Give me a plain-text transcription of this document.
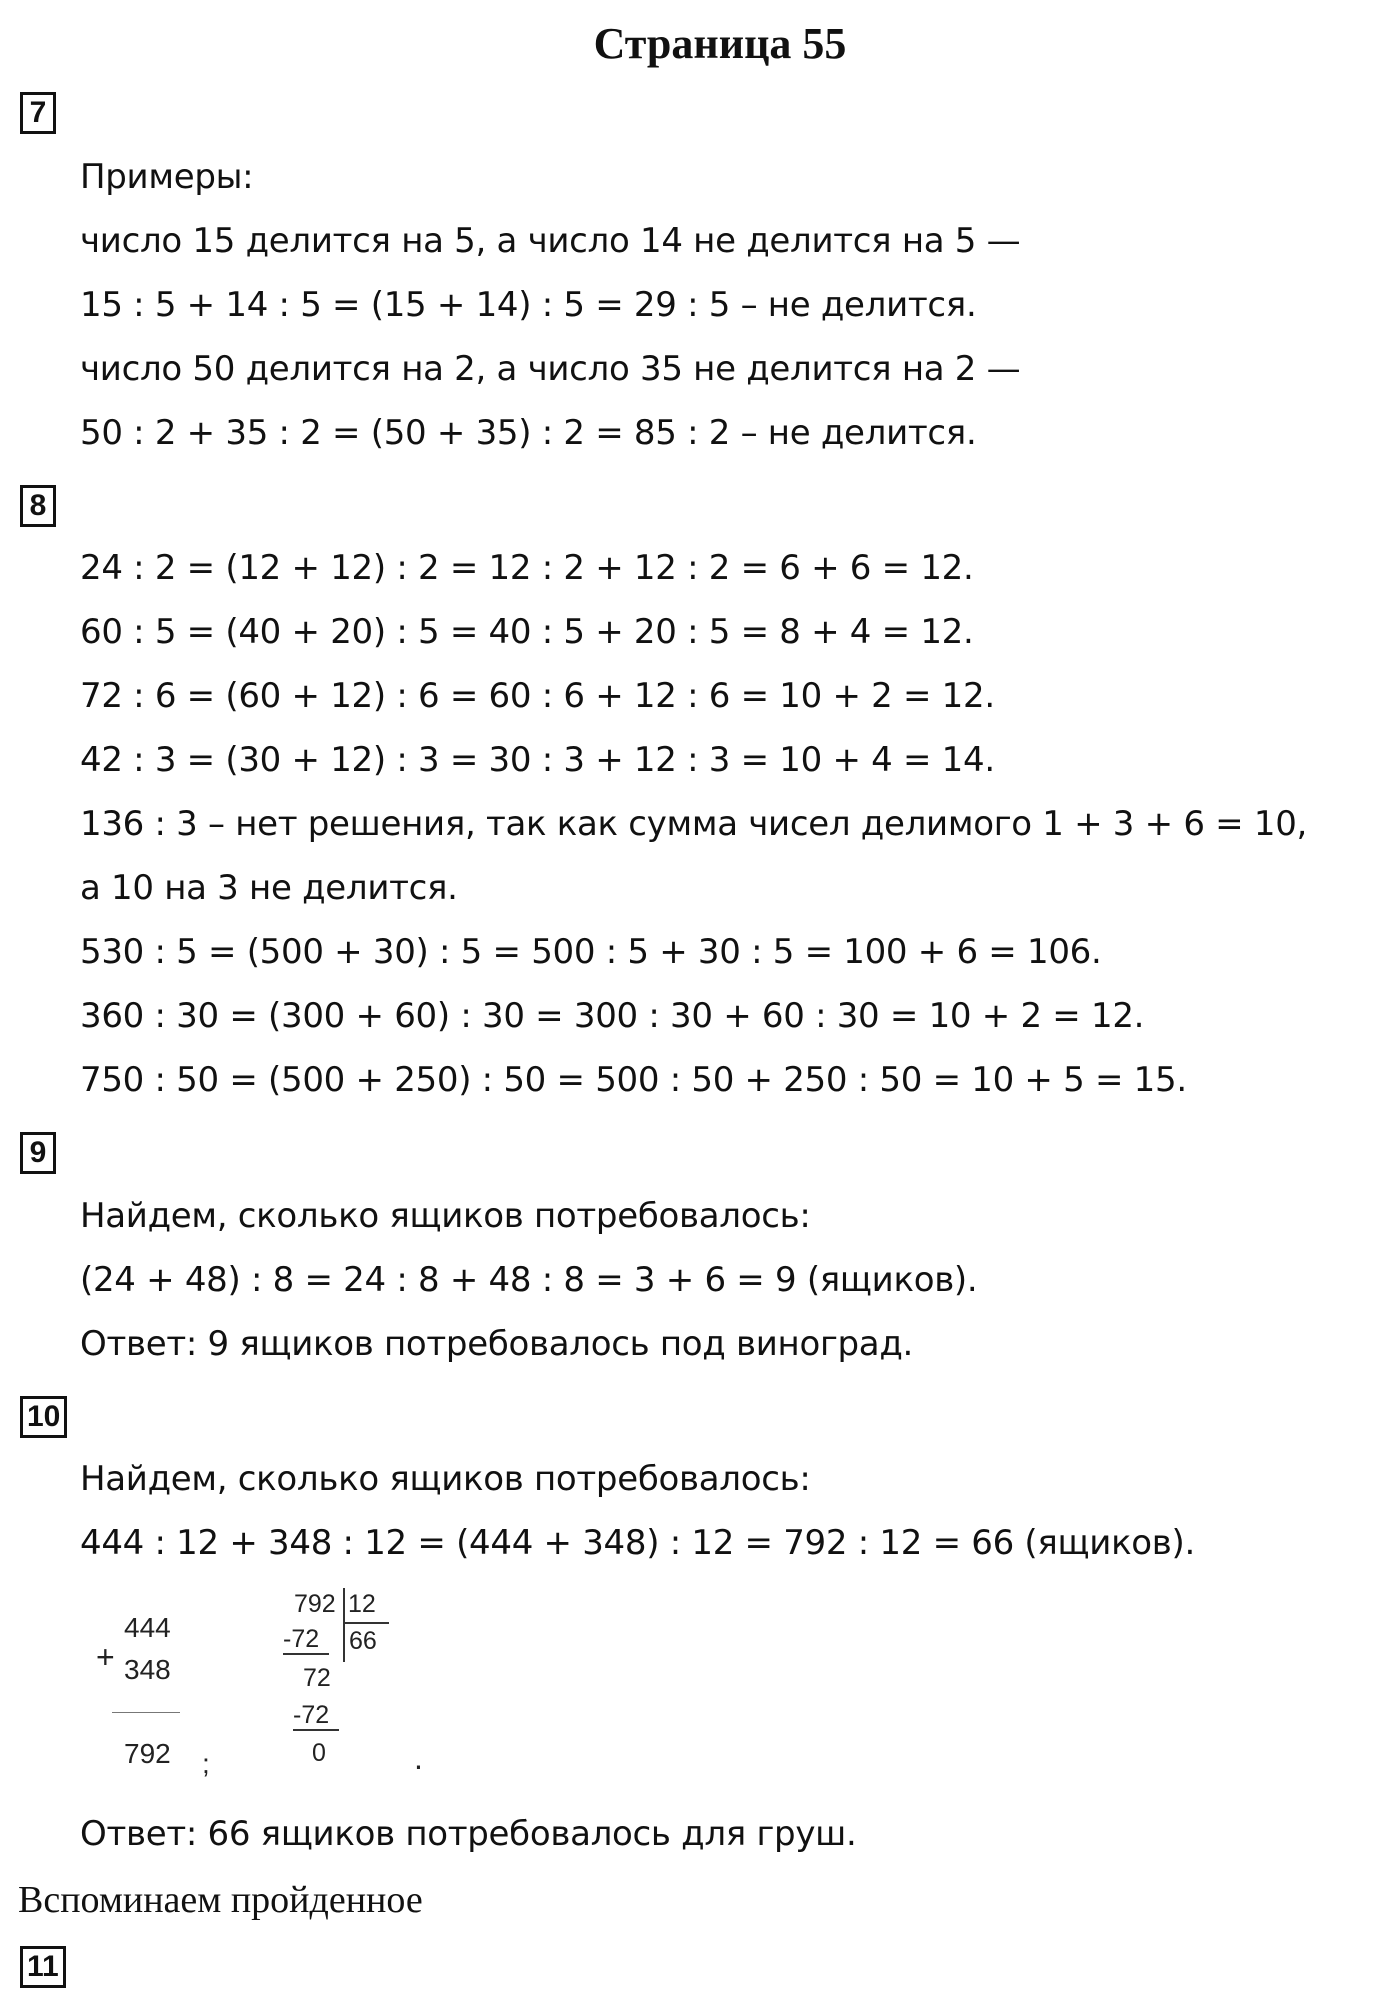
Страница 55
7
Примеры:
число 15 делится на 5, а число 14 не делится на 5 —
15 : 5 + 14 : 5 = (15 + 14) : 5 = 29 : 5 – не делится.
число 50 делится на 2, а число 35 не делится на 2 —
50 : 2 + 35 : 2 = (50 + 35) : 2 = 85 : 2 – не делится.
8
24 : 2 = (12 + 12) : 2 = 12 : 2 + 12 : 2 = 6 + 6 = 12.
60 : 5 = (40 + 20) : 5 = 40 : 5 + 20 : 5 = 8 + 4 = 12.
72 : 6 = (60 + 12) : 6 = 60 : 6 + 12 : 6 = 10 + 2 = 12.
42 : 3 = (30 + 12) : 3 = 30 : 3 + 12 : 3 = 10 + 4 = 14.
136 : 3 – нет решения, так как сумма чисел делимого 1 + 3 + 6 = 10,
а 10 на 3 не делится.
530 : 5 = (500 + 30) : 5 = 500 : 5 + 30 : 5 = 100 + 6 = 106.
360 : 30 = (300 + 60) : 30 = 300 : 30 + 60 : 30 = 10 + 2 = 12.
750 : 50 = (500 + 250) : 50 = 500 : 50 + 250 : 50 = 10 + 5 = 15.
9
Найдем, сколько ящиков потребовалось:
(24 + 48) : 8 = 24 : 8 + 48 : 8 = 3 + 6 = 9 (ящиков).
Ответ: 9 ящиков потребовалось под виноград.
10
Найдем, сколько ящиков потребовалось:
444 : 12 + 348 : 12 = (444 + 348) : 12 = 792 : 12 = 66 (ящиков).
+
444
348
792 ;
792 12
66
-72
72
-72
0	.
Ответ: 66 ящиков потребовалось для груш.
Вспоминаем пройденное
11
